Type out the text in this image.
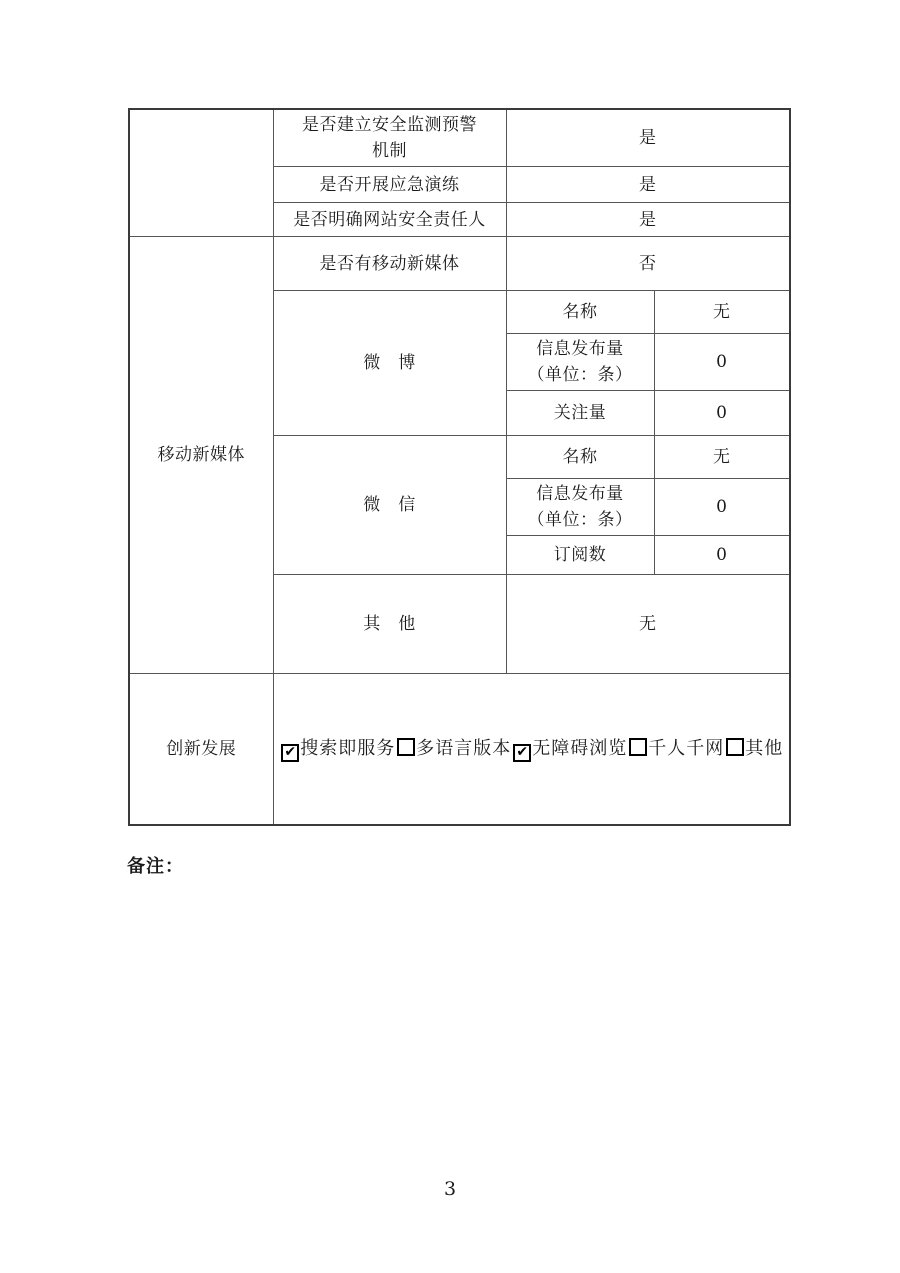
	是否建立安全监测预警
机制	是	
	是否开展应急演练	是	
	是否明确网站安全责任人	是	
移动新媒体	是否有移动新媒体	否	
	微　博	名称	无

		信息发布量
（单位：条）	0
		关注量	0
	微　信	名称	无

		信息发布量
（单位：条）	0
		订阅数	0
	其　他	无	
创新发展	✔ 搜索即服务 多语言版本 ✔ 无障碍浏览 千人千网 其他		
备注：
3
